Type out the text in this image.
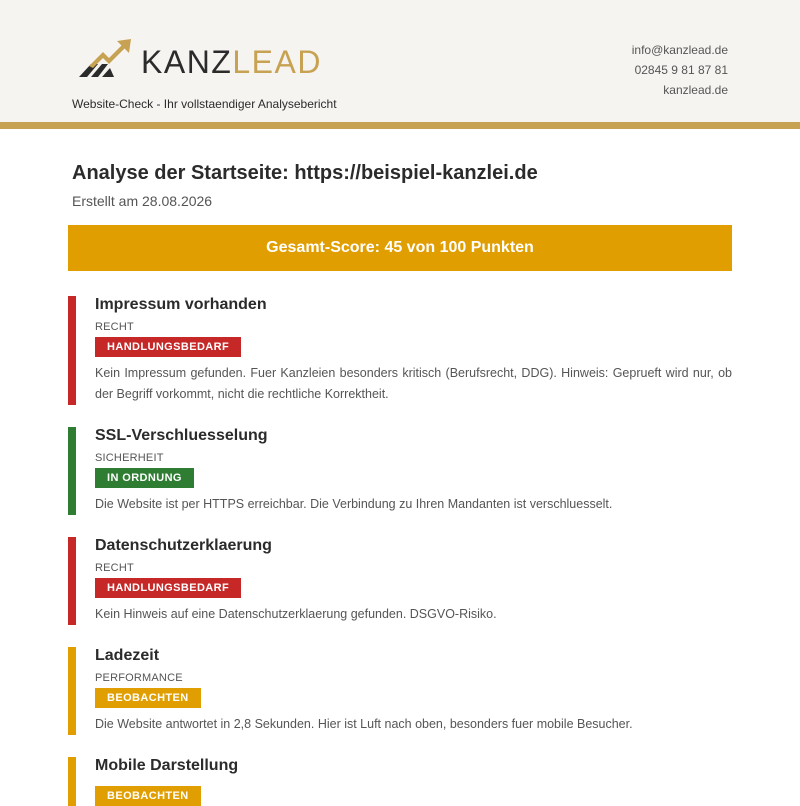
KANZLEAD
Website-Check - Ihr vollstaendiger Analysebericht
info@kanzlead.de
02845 9 81 87 81
kanzlead.de
Analyse der Startseite: https://beispiel-kanzlei.de
Erstellt am 28.08.2026
Gesamt-Score: 45 von 100 Punkten
Impressum vorhanden
RECHT
HANDLUNGSBEDARF
Kein Impressum gefunden. Fuer Kanzleien besonders kritisch (Berufsrecht, DDG). Hinweis: Geprueft wird nur, ob der Begriff vorkommt, nicht die rechtliche Korrektheit.
SSL-Verschluesselung
SICHERHEIT
IN ORDNUNG
Die Website ist per HTTPS erreichbar. Die Verbindung zu Ihren Mandanten ist verschluesselt.
Datenschutzerklaerung
RECHT
HANDLUNGSBEDARF
Kein Hinweis auf eine Datenschutzerklaerung gefunden. DSGVO-Risiko.
Ladezeit
PERFORMANCE
BEOBACHTEN
Die Website antwortet in 2,8 Sekunden. Hier ist Luft nach oben, besonders fuer mobile Besucher.
Mobile Darstellung
BEOBACHTEN
